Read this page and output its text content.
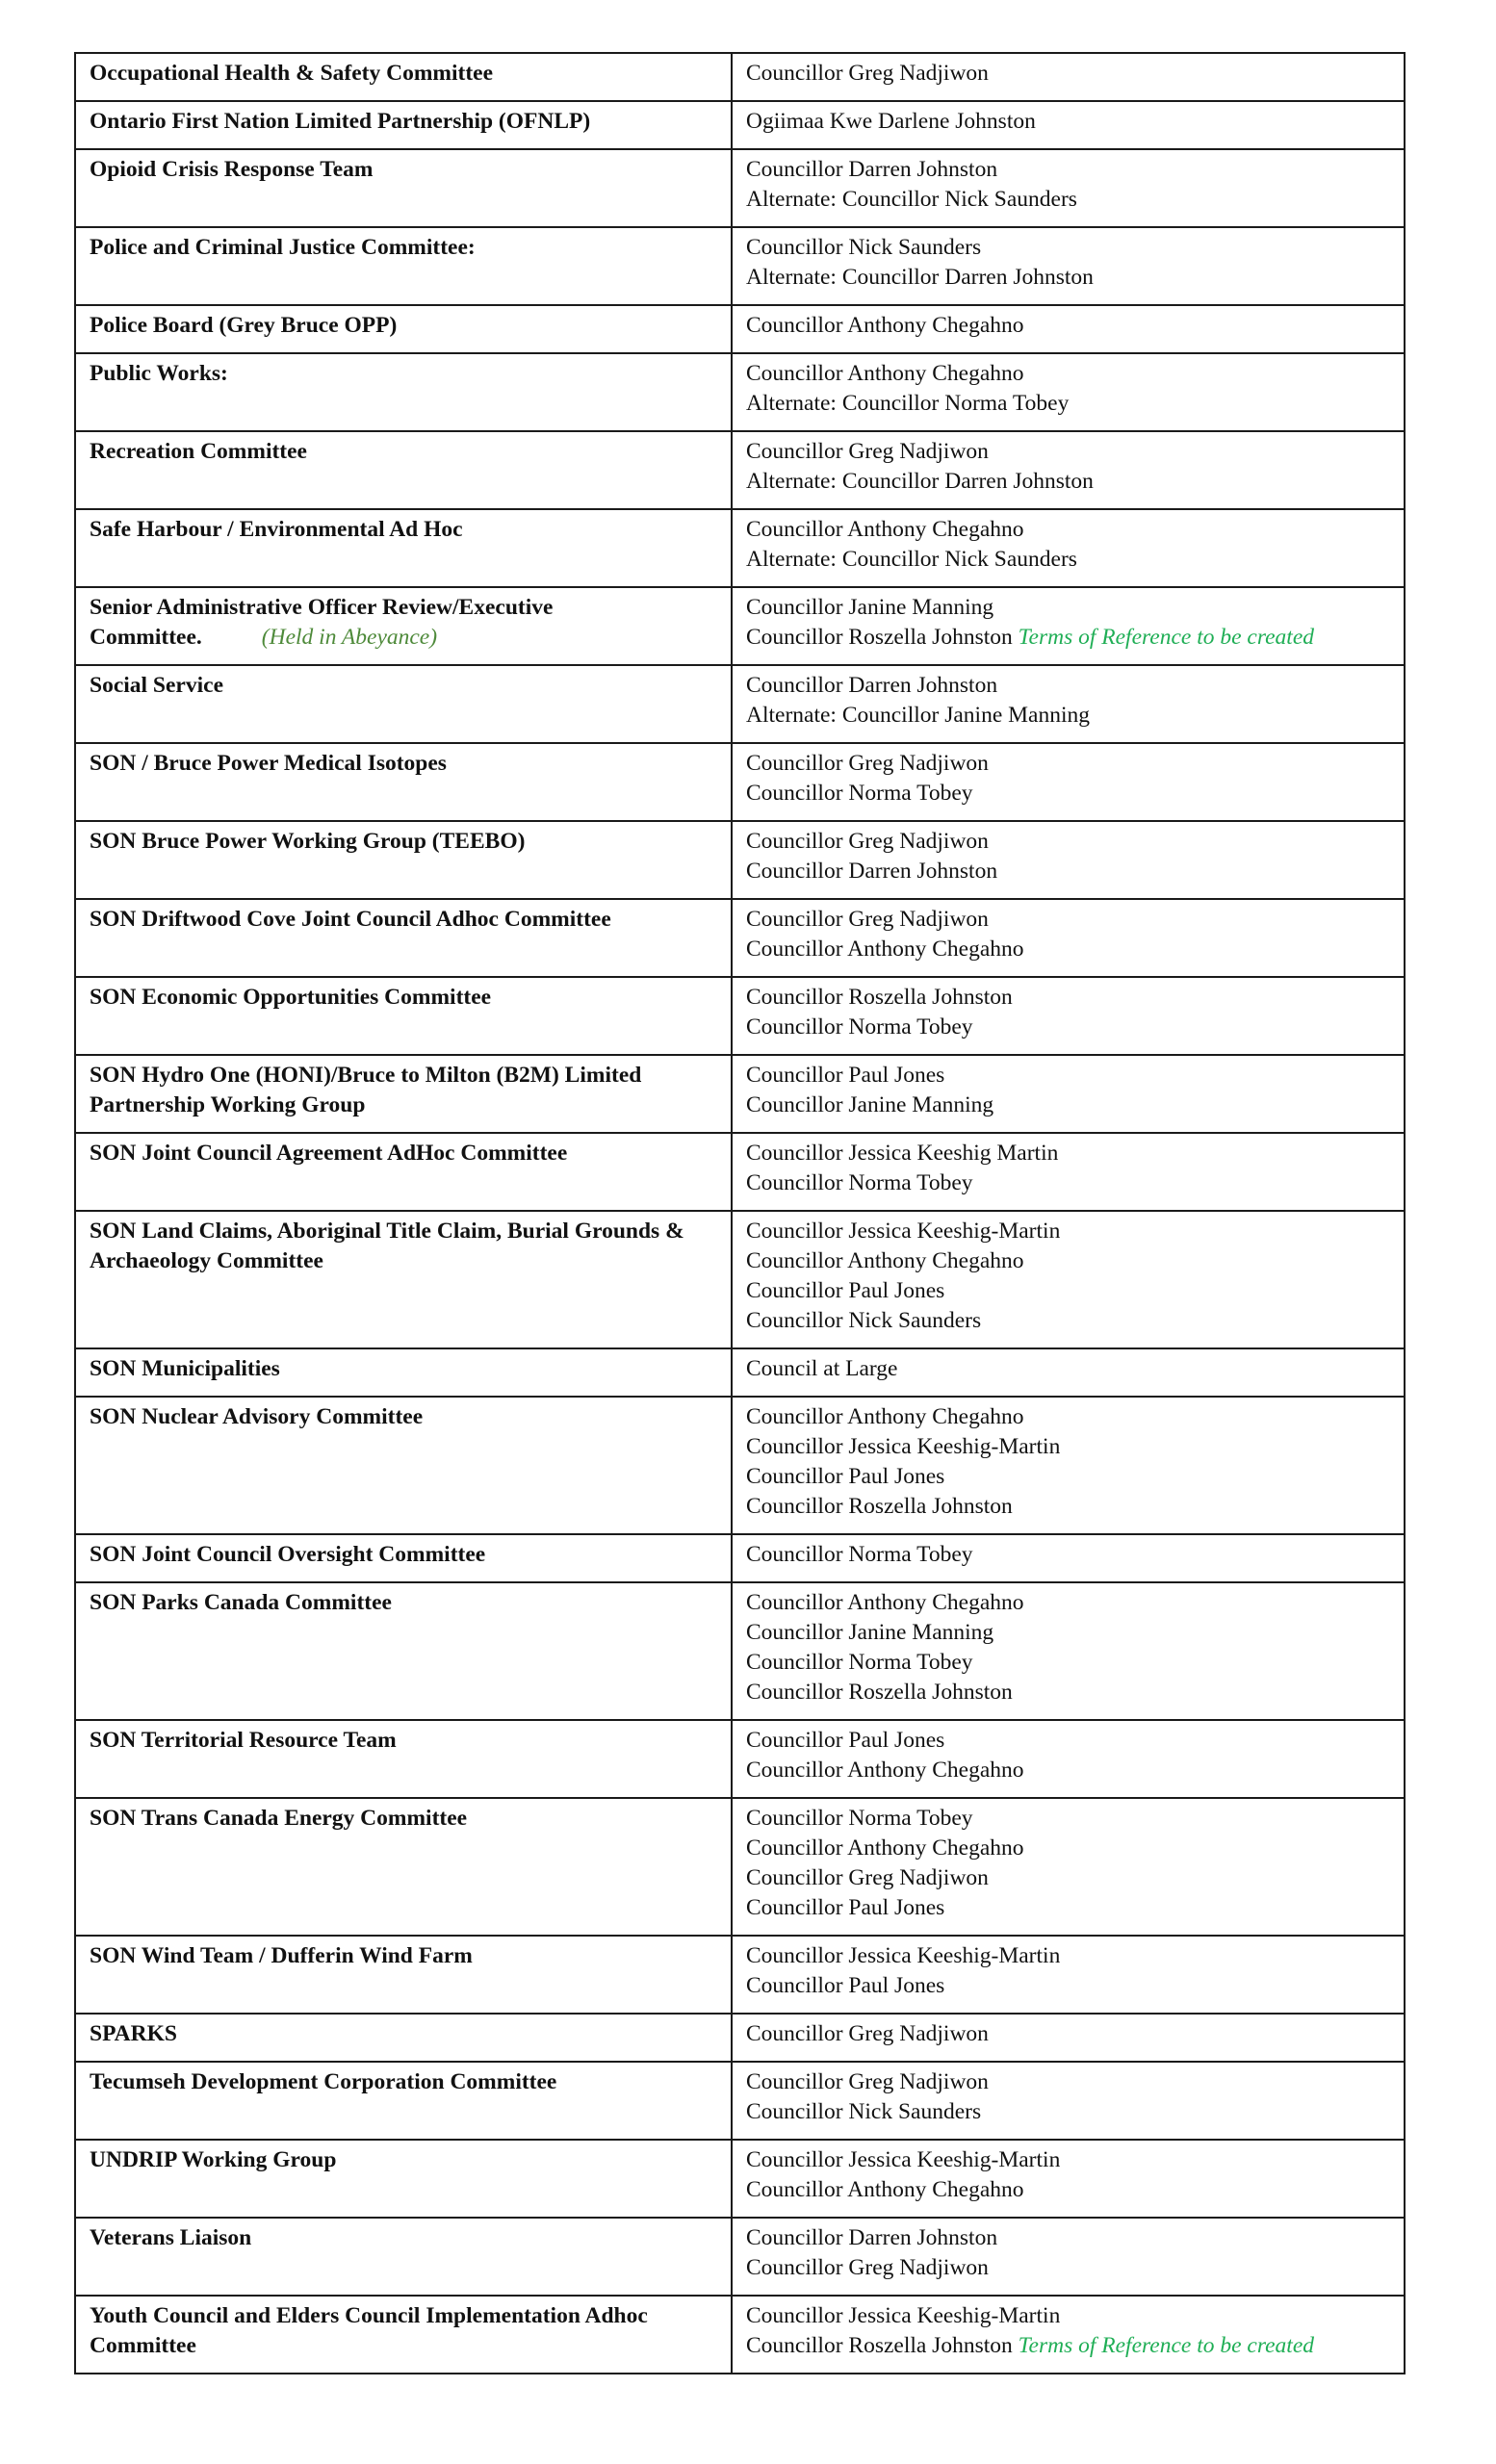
Occupational Health & Safety Committee	Councillor Greg Nadjiwon

Ontario First Nation Limited Partnership (OFNLP)	Ogiimaa Kwe Darlene Johnston

Opioid Crisis Response Team	Councillor Darren Johnston
Alternate: Councillor Nick Saunders

Police and Criminal Justice Committee:	Councillor Nick Saunders
Alternate: Councillor Darren Johnston

Police Board (Grey Bruce OPP)	Councillor Anthony Chegahno

Public Works:	Councillor Anthony Chegahno
Alternate: Councillor Norma Tobey

Recreation Committee	Councillor Greg Nadjiwon
Alternate: Councillor Darren Johnston

Safe Harbour / Environmental Ad Hoc	Councillor Anthony Chegahno
Alternate: Councillor Nick Saunders

Senior Administrative Officer Review/Executive
Committee. (Held in Abeyance)	Councillor Janine Manning
Councillor Roszella Johnston Terms of Reference to be created

Social Service	Councillor Darren Johnston
Alternate: Councillor Janine Manning

SON / Bruce Power Medical Isotopes	Councillor Greg Nadjiwon
Councillor Norma Tobey

SON Bruce Power Working Group (TEEBO)	Councillor Greg Nadjiwon
Councillor Darren Johnston

SON Driftwood Cove Joint Council Adhoc Committee	Councillor Greg Nadjiwon
Councillor Anthony Chegahno

SON Economic Opportunities Committee	Councillor Roszella Johnston
Councillor Norma Tobey

SON Hydro One (HONI)/Bruce to Milton (B2M) Limited Partnership Working Group	Councillor Paul Jones
Councillor Janine Manning

SON Joint Council Agreement AdHoc Committee	Councillor Jessica Keeshig Martin
Councillor Norma Tobey

SON Land Claims, Aboriginal Title Claim, Burial Grounds & Archaeology Committee	Councillor Jessica Keeshig-Martin
Councillor Anthony Chegahno
Councillor Paul Jones
Councillor Nick Saunders

SON Municipalities	Council at Large

SON Nuclear Advisory Committee	Councillor Anthony Chegahno
Councillor Jessica Keeshig-Martin
Councillor Paul Jones
Councillor Roszella Johnston

SON Joint Council Oversight Committee	Councillor Norma Tobey

SON Parks Canada Committee	Councillor Anthony Chegahno
Councillor Janine Manning
Councillor Norma Tobey
Councillor Roszella Johnston

SON Territorial Resource Team	Councillor Paul Jones
Councillor Anthony Chegahno

SON Trans Canada Energy Committee	Councillor Norma Tobey
Councillor Anthony Chegahno
Councillor Greg Nadjiwon
Councillor Paul Jones

SON Wind Team / Dufferin Wind Farm	Councillor Jessica Keeshig-Martin
Councillor Paul Jones

SPARKS	Councillor Greg Nadjiwon

Tecumseh Development Corporation Committee	Councillor Greg Nadjiwon
Councillor Nick Saunders

UNDRIP Working Group	Councillor Jessica Keeshig-Martin
Councillor Anthony Chegahno

Veterans Liaison	Councillor Darren Johnston
Councillor Greg Nadjiwon

Youth Council and Elders Council Implementation Adhoc Committee	Councillor Jessica Keeshig-Martin
Councillor Roszella Johnston Terms of Reference to be created
